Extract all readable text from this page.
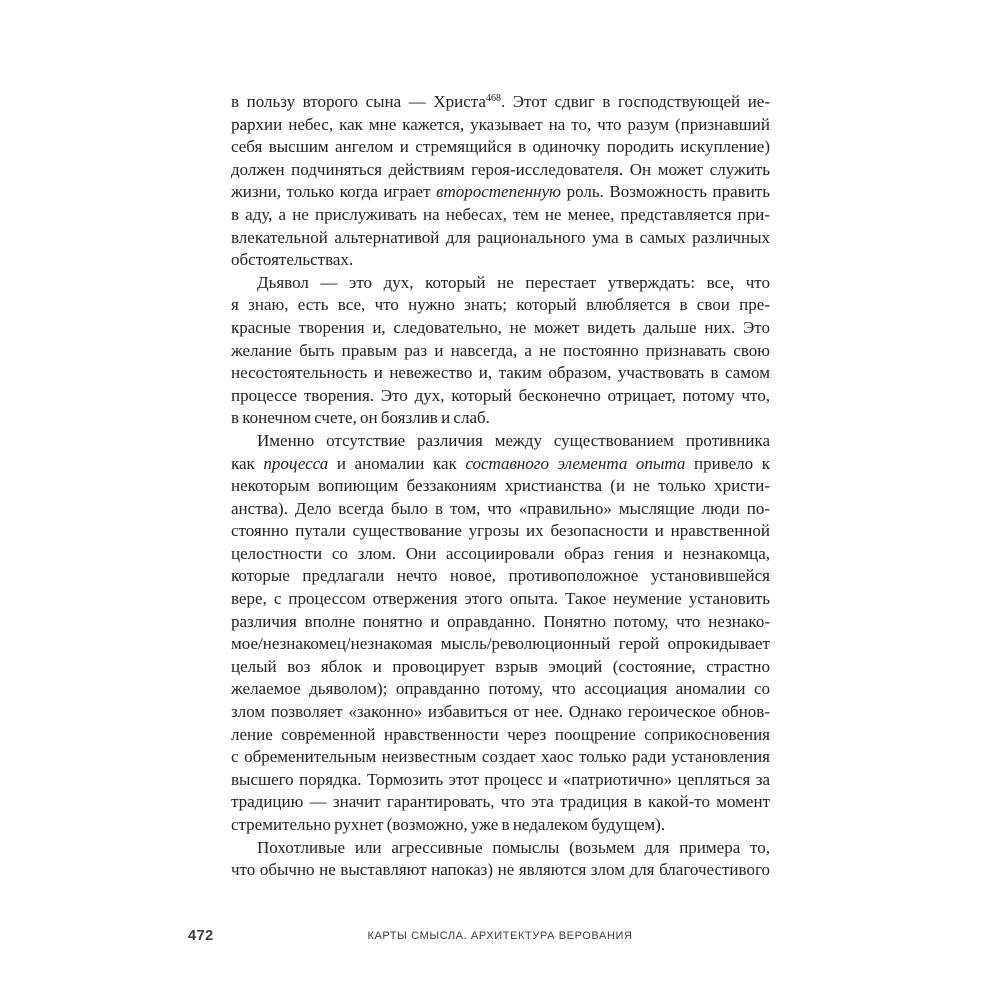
в пользу второго сына — Христа$^{468}$. Этот сдвиг в господствующей ие-
рархии небес, как мне кажется, указывает на то, что разум (признавший
себя высшим ангелом и стремящийся в одиночку породить искупление)
должен подчиняться действиям героя-исследователя. Он может служить
жизни, только когда играет второстепенную роль. Возможность править
в аду, а не прислуживать на небесах, тем не менее, представляется при-
влекательной альтернативой для рационального ума в самых различных
обстоятельствах.
Дьявол — это дух, который не перестает утверждать: все, что
я знаю, есть все, что нужно знать; который влюбляется в свои пре-
красные творения и, следовательно, не может видеть дальше них. Это
желание быть правым раз и навсегда, а не постоянно признавать свою
несостоятельность и невежество и, таким образом, участвовать в самом
процессе творения. Это дух, который бесконечно отрицает, потому что,
в конечном счете, он боязлив и слаб.
Именно отсутствие различия между существованием противника
как процесса и аномалии как составного элемента опыта привело к
некоторым вопиющим беззакониям христианства (и не только христи-
анства). Дело всегда было в том, что «правильно» мыслящие люди по-
стоянно путали существование угрозы их безопасности и нравственной
целостности со злом. Они ассоциировали образ гения и незнакомца,
которые предлагали нечто новое, противоположное установившейся
вере, с процессом отвержения этого опыта. Такое неумение установить
различия вполне понятно и оправданно. Понятно потому, что незнако-
мое/незнакомец/незнакомая мысль/революционный герой опрокидывает
целый воз яблок и провоцирует взрыв эмоций (состояние, страстно
желаемое дьяволом); оправданно потому, что ассоциация аномалии со
злом позволяет «законно» избавиться от нее. Однако героическое обнов-
ление современной нравственности через поощрение соприкосновения
с обременительным неизвестным создает хаос только ради установления
высшего порядка. Тормозить этот процесс и «патриотично» цепляться за
традицию — значит гарантировать, что эта традиция в какой-то момент
стремительно рухнет (возможно, уже в недалеком будущем).
Похотливые или агрессивные помыслы (возьмем для примера то,
что обычно не выставляют напоказ) не являются злом для благочестивого
472	КАРТЫ СМЫСЛА. АРХИТЕКТУРА ВЕРОВАНИЯ
